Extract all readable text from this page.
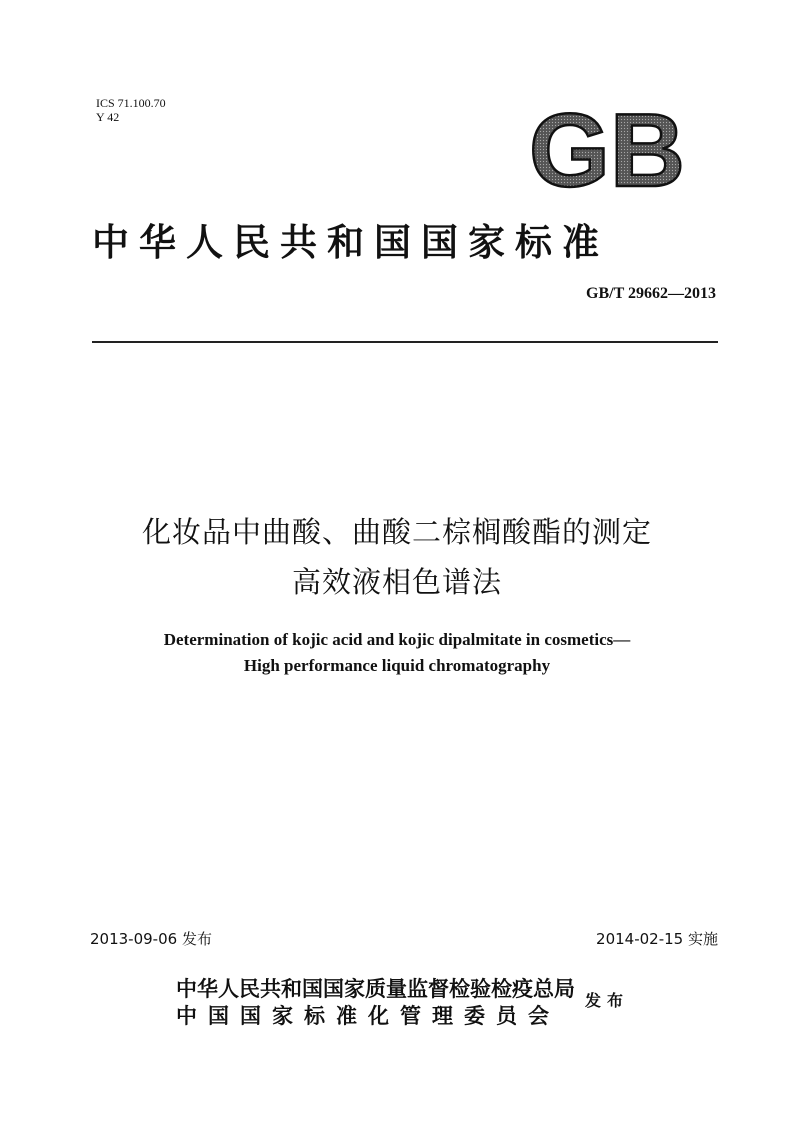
ICS 71.100.70
Y 42	GB
中华人民共和国国家标准
GB/T 29662—2013
化妆品中曲酸、曲酸二棕榈酸酯的测定
高效液相色谱法
Determination of kojic acid and kojic dipalmitate in cosmetics—
High performance liquid chromatography
2013-09-06 发布	2014-02-15 实施
中华人民共和国国家质量监督检验检疫总局
中国国家标准化管理委员会
发布
